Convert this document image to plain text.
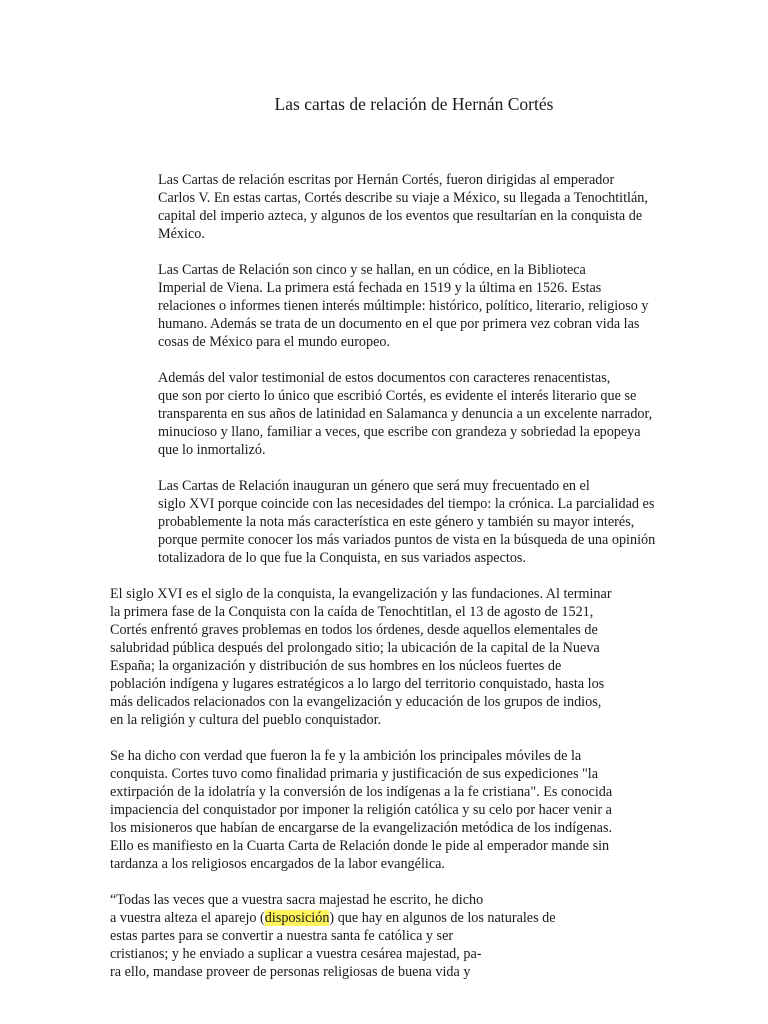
Las cartas de relación de Hernán Cortés

Las Cartas de relación escritas por Hernán Cortés, fueron dirigidas al emperador
Carlos V. En estas cartas, Cortés describe su viaje a México, su llegada a Tenochtitlán,
capital del imperio azteca, y algunos de los eventos que resultarían en la conquista de
México.

Las Cartas de Relación son cinco y se hallan, en un códice, en la Biblioteca
Imperial de Viena. La primera está fechada en 1519 y la última en 1526. Estas
relaciones o informes tienen interés múltimple: histórico, político, literario, religioso y
humano. Además se trata de un documento en el que por primera vez cobran vida las
cosas de México para el mundo europeo.

Además del valor testimonial de estos documentos con caracteres renacentistas,
que son por cierto lo único que escribió Cortés, es evidente el interés literario que se
transparenta en sus años de latinidad en Salamanca y denuncia a un excelente narrador,
minucioso y llano, familiar a veces, que escribe con grandeza y sobriedad la epopeya
que lo inmortalizó.

Las Cartas de Relación inauguran un género que será muy frecuentado en el
siglo XVI porque coincide con las necesidades del tiempo: la crónica. La parcialidad es
probablemente la nota más característica en este género y también su mayor interés,
porque permite conocer los más variados puntos de vista en la búsqueda de una opinión
totalizadora de lo que fue la Conquista, en sus variados aspectos.

El siglo XVI es el siglo de la conquista, la evangelización y las fundaciones. Al terminar
la primera fase de la Conquista con la caída de Tenochtitlan, el 13 de agosto de 1521,
Cortés enfrentó graves problemas en todos los órdenes, desde aquellos elementales de
salubridad pública después del prolongado sitio; la ubicación de la capital de la Nueva
España; la organización y distribución de sus hombres en los núcleos fuertes de
población indígena y lugares estratégicos a lo largo del territorio conquistado, hasta los
más delicados relacionados con la evangelización y educación de los grupos de indios,
en la religión y cultura del pueblo conquistador.

Se ha dicho con verdad que fueron la fe y la ambición los principales móviles de la
conquista. Cortes tuvo como finalidad primaria y justificación de sus expediciones "la
extirpación de la idolatría y la conversión de los indígenas a la fe cristiana". Es conocida
impaciencia del conquistador por imponer la religión católica y su celo por hacer venir a
los misioneros que habían de encargarse de la evangelización metódica de los indígenas.
Ello es manifiesto en la Cuarta Carta de Relación donde le pide al emperador mande sin
tardanza a los religiosos encargados de la labor evangélica.

“Todas las veces que a vuestra sacra majestad he escrito, he dicho
a vuestra alteza el aparejo (disposición) que hay en algunos de los naturales de
estas partes para se convertir a nuestra santa fe católica y ser
cristianos; y he enviado a suplicar a vuestra cesárea majestad, pa-
ra ello, mandase proveer de personas religiosas de buena vida y
